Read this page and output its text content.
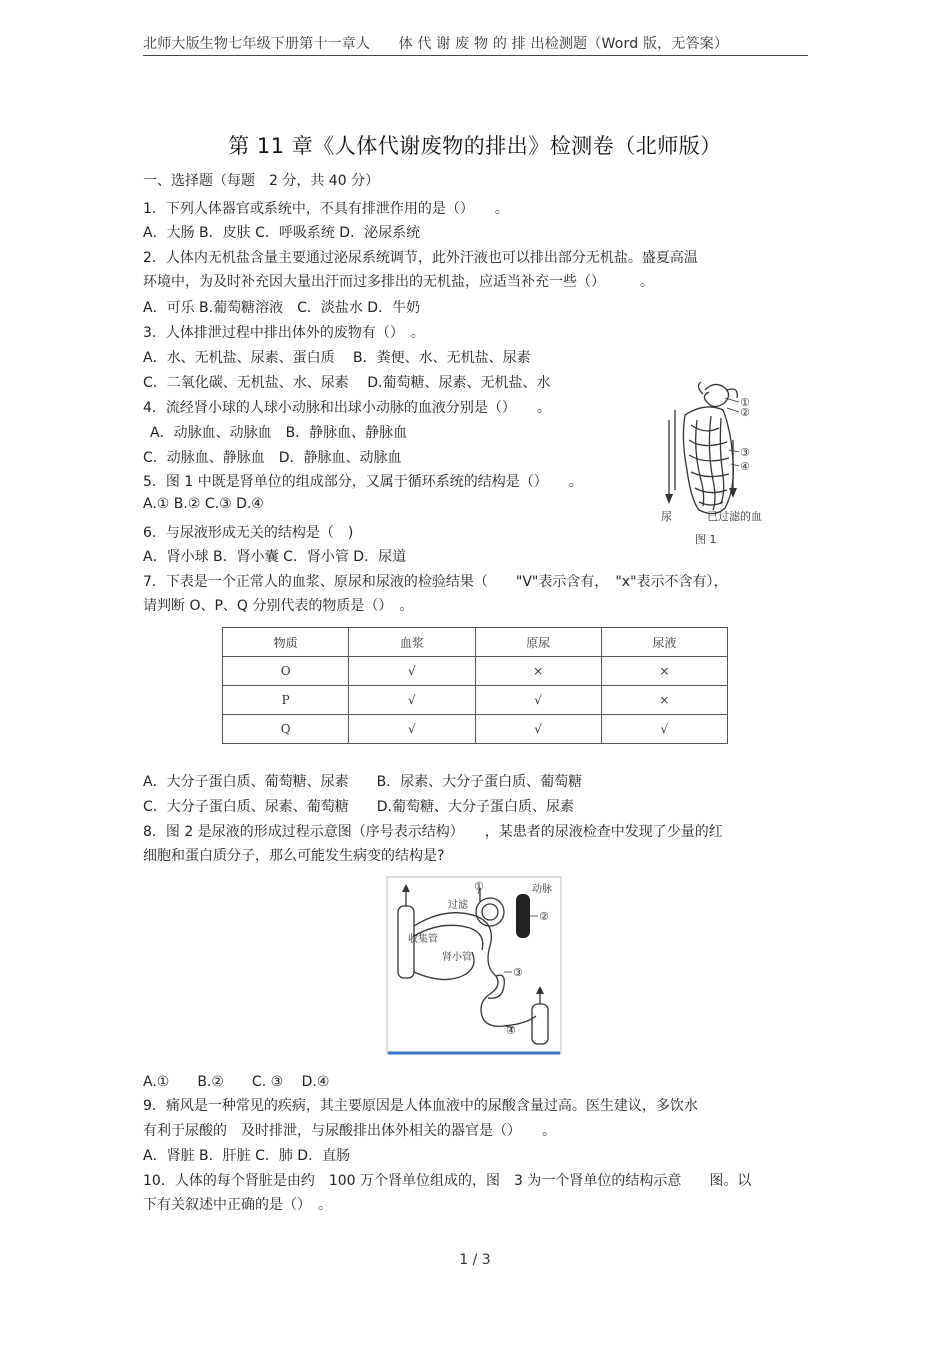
北师大版生物七年级下册第十一章人　　体 代 谢 废 物 的 排 出检测题（Word 版，无答案）
第 11 章《人体代谢废物的排出》检测卷（北师版）
一、选择题（每题　2 分，共 40 分）
1．下列人体器官或系统中，不具有排泄作用的是（）　　。
A．大肠 B．皮肤 C．呼吸系统 D．泌尿系统
2．人体内无机盐含量主要通过泌尿系统调节，此外汗液也可以排出部分无机盐。盛夏高温
环境中，为及时补充因大量出汗而过多排出的无机盐，应适当补充一些（）　　　。
A．可乐 B.葡萄糖溶液　C．淡盐水 D．牛奶
3．人体排泄过程中排出体外的废物有（）　。
A．水、无机盐、尿素、蛋白质　 B．粪便、水、无机盐、尿素
C．二氧化碳、无机盐、水、尿素　 D.葡萄糖、尿素、无机盐、水
4．流经肾小球的人球小动脉和出球小动脉的血液分别是（）　　。
A．动脉血、动脉血　B．静脉血、静脉血
C．动脉血、静脉血　D．静脉血、动脉血
5．图 1 中既是肾单位的组成部分，又属于循环系统的结构是（）　　。
A.① B.② C.③ D.④
6．与尿液形成无关的结构是（　)
A．肾小球 B．肾小囊 C．肾小管 D．尿道
7．下表是一个正常人的血浆、原尿和尿液的检验结果（　　"V"表示含有，　"x"表示不含有），
请判断 O、P、Q 分别代表的物质是（）　。
①
②
③
④
尿	已过滤的血
图 1
物质	血浆	原尿	尿液
O	√	×	×
P	√	√	×
Q	√	√	√
A．大分子蛋白质、葡萄糖、尿素　　B．尿素、大分子蛋白质、葡萄糖
C．大分子蛋白质、尿素、葡萄糖　　D.葡萄糖、大分子蛋白质、尿素
8．图 2 是尿液的形成过程示意图（序号表示结构）　　，某患者的尿液检查中发现了少量的红
细胞和蛋白质分子，那么可能发生病变的结构是?
①
②
③
④
过滤
动脉
收集管
肾小管
A.①　　B.②　　C. ③　 D.④
9．痛风是一种常见的疾病，其主要原因是人体血液中的尿酸含量过高。医生建议，多饮水
有利于尿酸的　及时排泄，与尿酸排出体外相关的器官是（）　　。
A．肾脏 B．肝脏 C．肺 D．直肠
10．人体的每个肾脏是由约　100 万个肾单位组成的，图　3 为一个肾单位的结构示意　　图。以
下有关叙述中正确的是（）　。
1 / 3
